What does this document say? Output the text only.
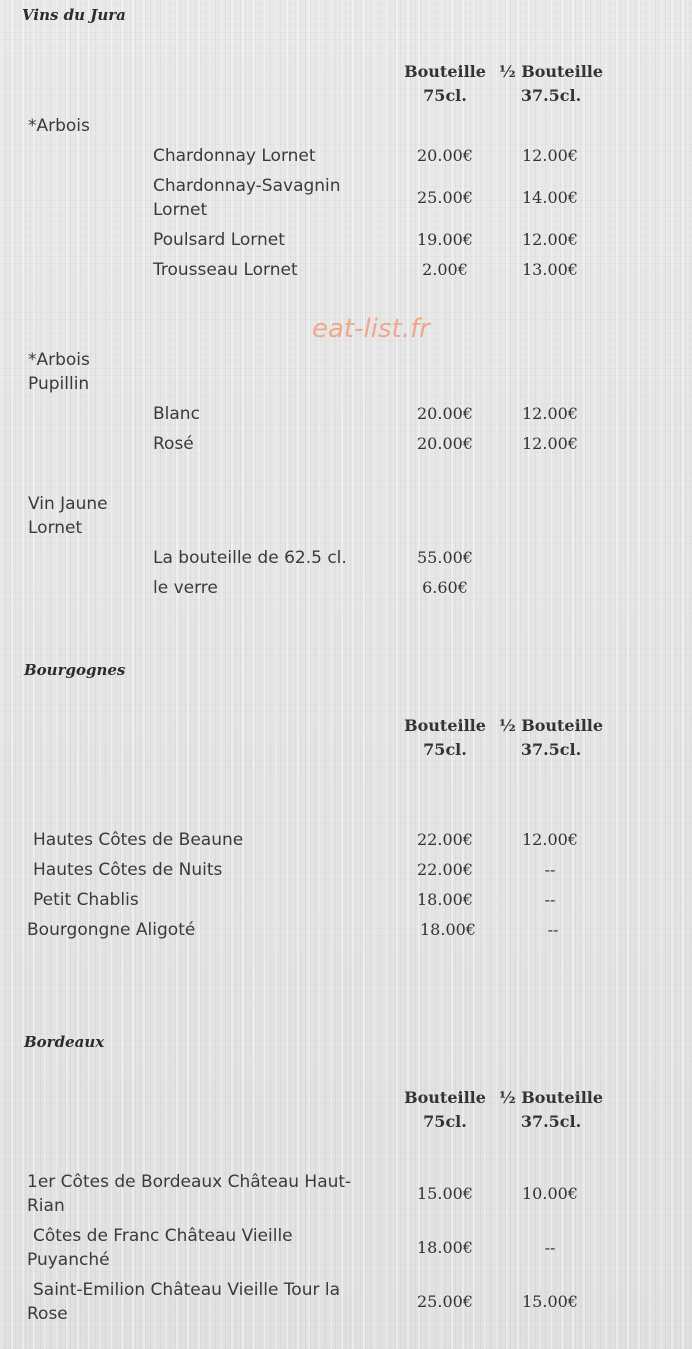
Vins du Jura
Bouteille
75cl.
½ Bouteille
37.5cl.
*Arbois
Chardonnay Lornet	20.00€	12.00€
Chardonnay-Savagnin
Lornet
25.00€	14.00€
Poulsard Lornet	19.00€	12.00€
Trousseau Lornet	2.00€	13.00€
eat-list.fr
*Arbois
Pupillin
Blanc	20.00€	12.00€
Rosé	20.00€	12.00€
Vin Jaune
Lornet
La bouteille de 62.5 cl.	55.00€
le verre	6.60€
Bourgognes
Bouteille
75cl.
½ Bouteille
37.5cl.
Hautes Côtes de Beaune	22.00€	12.00€
Hautes Côtes de Nuits	22.00€	--
Petit Chablis	18.00€	--
Bourgongne Aligoté	18.00€	--
Bordeaux
Bouteille
75cl.
½ Bouteille
37.5cl.
1er Côtes de Bordeaux Château Haut-
Rian
15.00€	10.00€
Côtes de Franc Château Vieille
Puyanché
18.00€	--
Saint-Emilion Château Vieille Tour la
Rose
25.00€	15.00€
